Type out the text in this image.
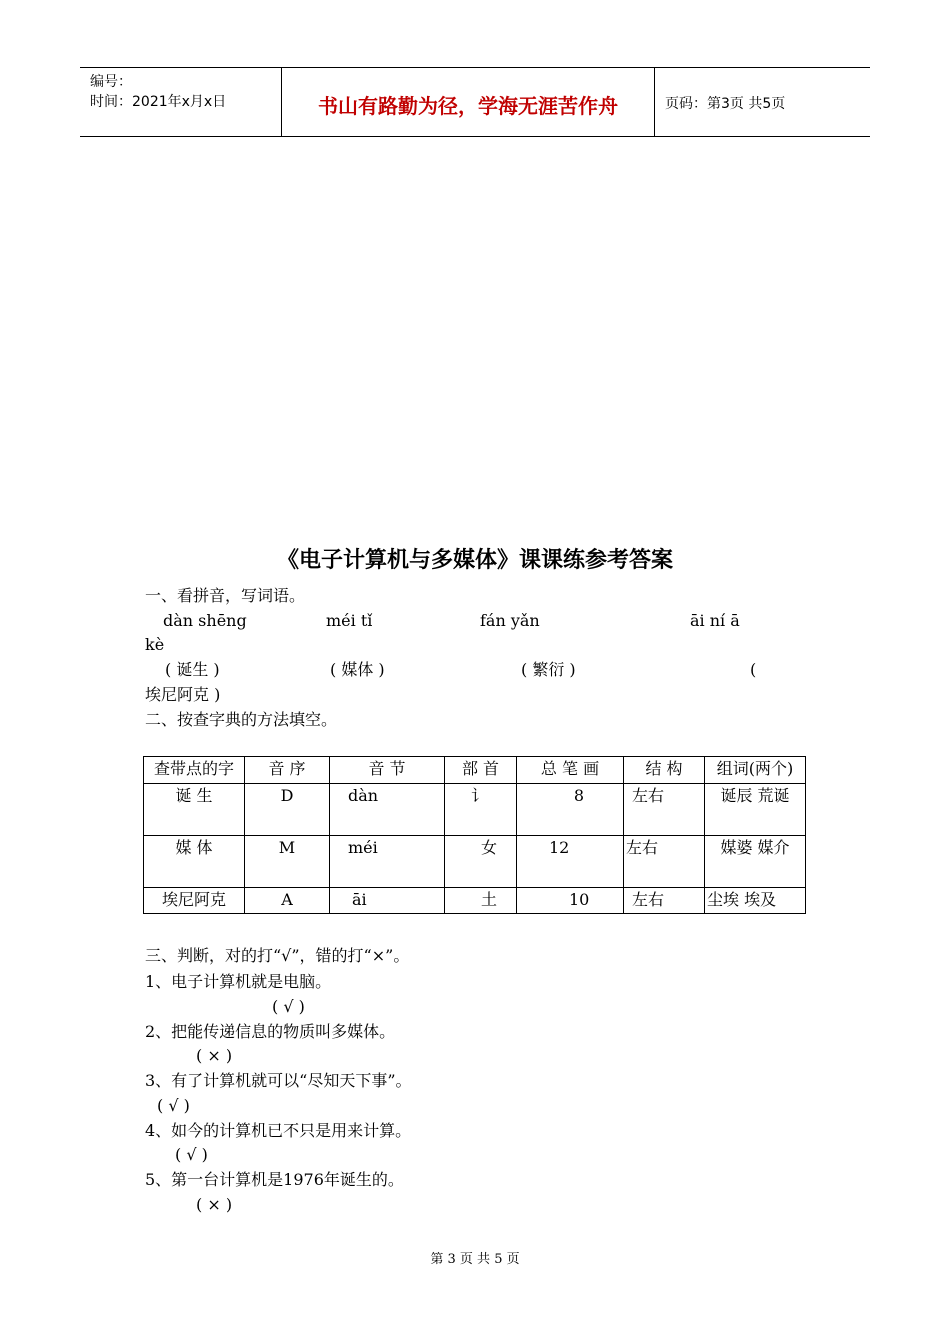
编号：
时间：2021年x月x日	书山有路勤为径，学海无涯苦作舟	页码：第3页 共5页
《电子计算机与多媒体》课课练参考答案
一、看拼音，写词语。
dàn shēng	méi tǐ	fán yǎn	āi ní ā
kè
( 诞生 )	( 媒体 )	( 繁衍 )	(
埃尼阿克 )
二、按查字典的方法填空。
查带点的字	音 序	音 节	部 首	总 笔 画	结 构	组词(两个)
诞 生	D	dàn	讠	8	左右	诞辰 荒诞
媒 体	M	méi	女	12	左右	媒婆 媒介
埃尼阿克	A	āi	土	10	左右	尘埃 埃及
三、判断，对的打“√”，错的打“×”。
1、电子计算机就是电脑。
( √ )
2、把能传递信息的物质叫多媒体。
( × )
3、有了计算机就可以“尽知天下事”。
( √ )
4、如今的计算机已不只是用来计算。
( √ )
5、第一台计算机是1976年诞生的。
( × )
第 3 页 共 5 页
